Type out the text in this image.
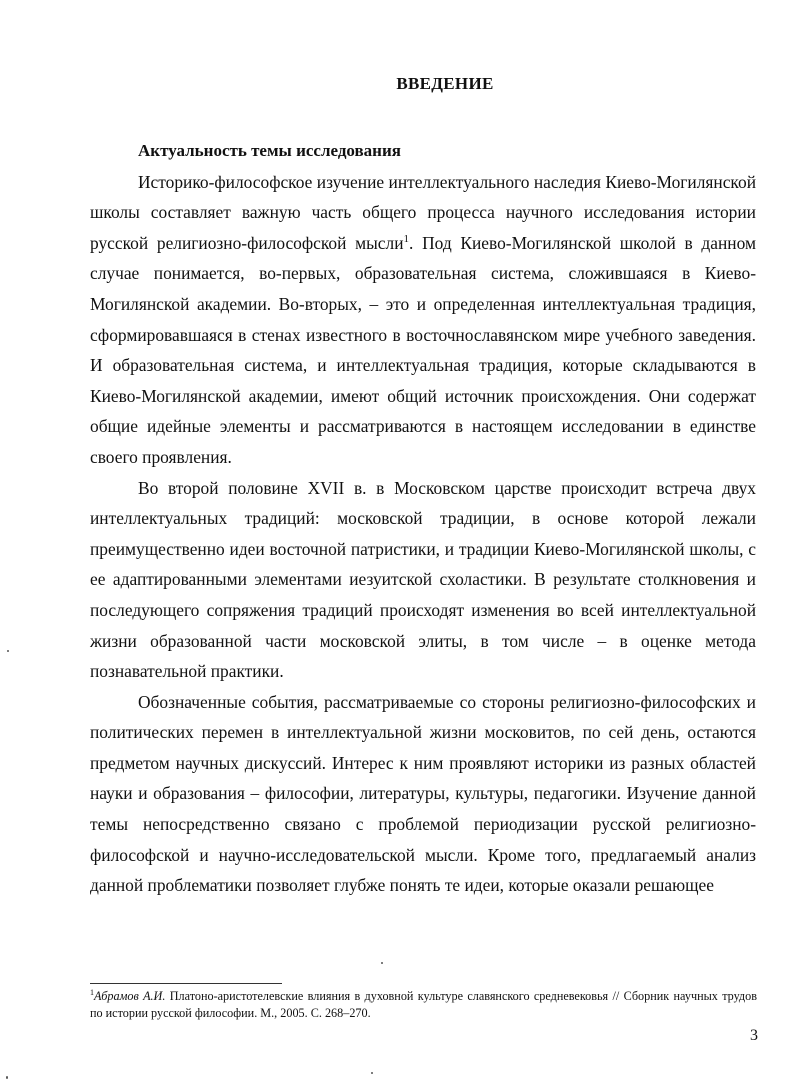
ВВЕДЕНИЕ

Актуальность темы исследования

Историко-философское изучение интеллектуального наследия Киево-Могилянской школы составляет важную часть общего процесса научного исследования истории русской религиозно-философской мысли$^1$. Под Киево-Могилянской школой в данном случае понимается, во-первых, образовательная система, сложившаяся в Киево-Могилянской академии. Во-вторых, – это и определенная интеллектуальная традиция, сформировавшаяся в стенах известного в восточнославянском мире учебного заведения. И образовательная система, и интеллектуальная традиция, которые складываются в Киево-Могилянской академии, имеют общий источник происхождения. Они содержат общие идейные элементы и рассматриваются в настоящем исследовании в единстве своего проявления.

Во второй половине XVII в. в Московском царстве происходит встреча двух интеллектуальных традиций: московской традиции, в основе которой лежали преимущественно идеи восточной патристики, и традиции Киево-Могилянской школы, с ее адаптированными элементами иезуитской схоластики. В результате столкновения и последующего сопряжения традиций происходят изменения во всей интеллектуальной жизни образованной части московской элиты, в том числе – в оценке метода познавательной практики.

Обозначенные события, рассматриваемые со стороны религиозно-философских и политических перемен в интеллектуальной жизни московитов, по сей день, остаются предметом научных дискуссий. Интерес к ним проявляют историки из разных областей науки и образования – философии, литературы, культуры, педагогики. Изучение данной темы непосредственно связано с проблемой периодизации русской религиозно-философской и научно-исследовательской мысли. Кроме того, предлагаемый анализ данной проблематики позволяет глубже понять те идеи, которые оказали решающее

$^1$Абрамов А.И. Платоно-аристотелевские влияния в духовной культуре славянского средневековья // Сборник научных трудов по истории русской философии. М., 2005. С. 268–270.
3
